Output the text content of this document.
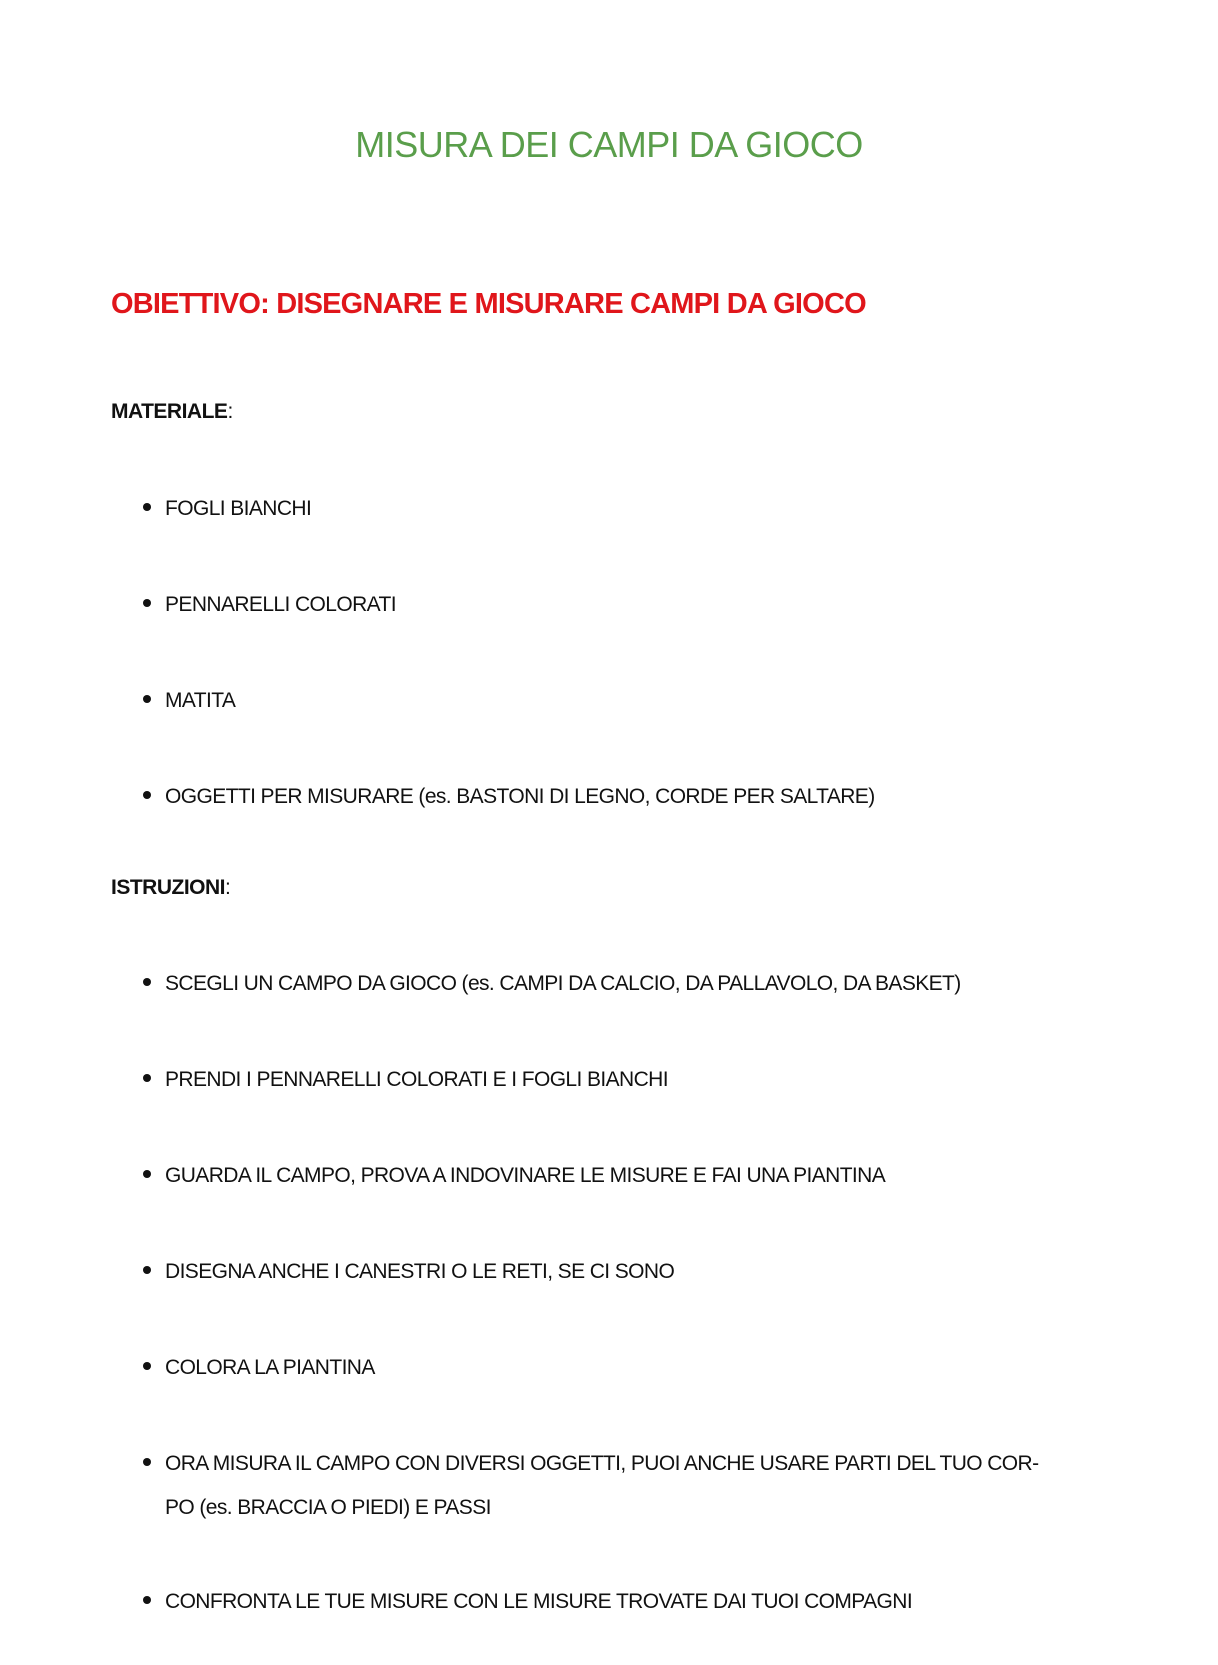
MISURA DEI CAMPI DA GIOCO
OBIETTIVO: DISEGNARE E MISURARE CAMPI DA GIOCO
MATERIALE:
FOGLI BIANCHI
PENNARELLI COLORATI
MATITA
OGGETTI PER MISURARE (es. BASTONI DI LEGNO, CORDE PER SALTARE)
ISTRUZIONI:
SCEGLI UN CAMPO DA GIOCO (es. CAMPI DA CALCIO, DA PALLAVOLO, DA BASKET)
PRENDI I PENNARELLI COLORATI E I FOGLI BIANCHI
GUARDA IL CAMPO, PROVA A INDOVINARE LE MISURE E FAI UNA PIANTINA
DISEGNA ANCHE I CANESTRI O LE RETI, SE CI SONO
COLORA LA PIANTINA
ORA MISURA IL CAMPO CON DIVERSI OGGETTI, PUOI ANCHE USARE PARTI DEL TUO COR-
PO (es. BRACCIA O PIEDI) E PASSI
CONFRONTA LE TUE MISURE CON LE MISURE TROVATE DAI TUOI COMPAGNI
